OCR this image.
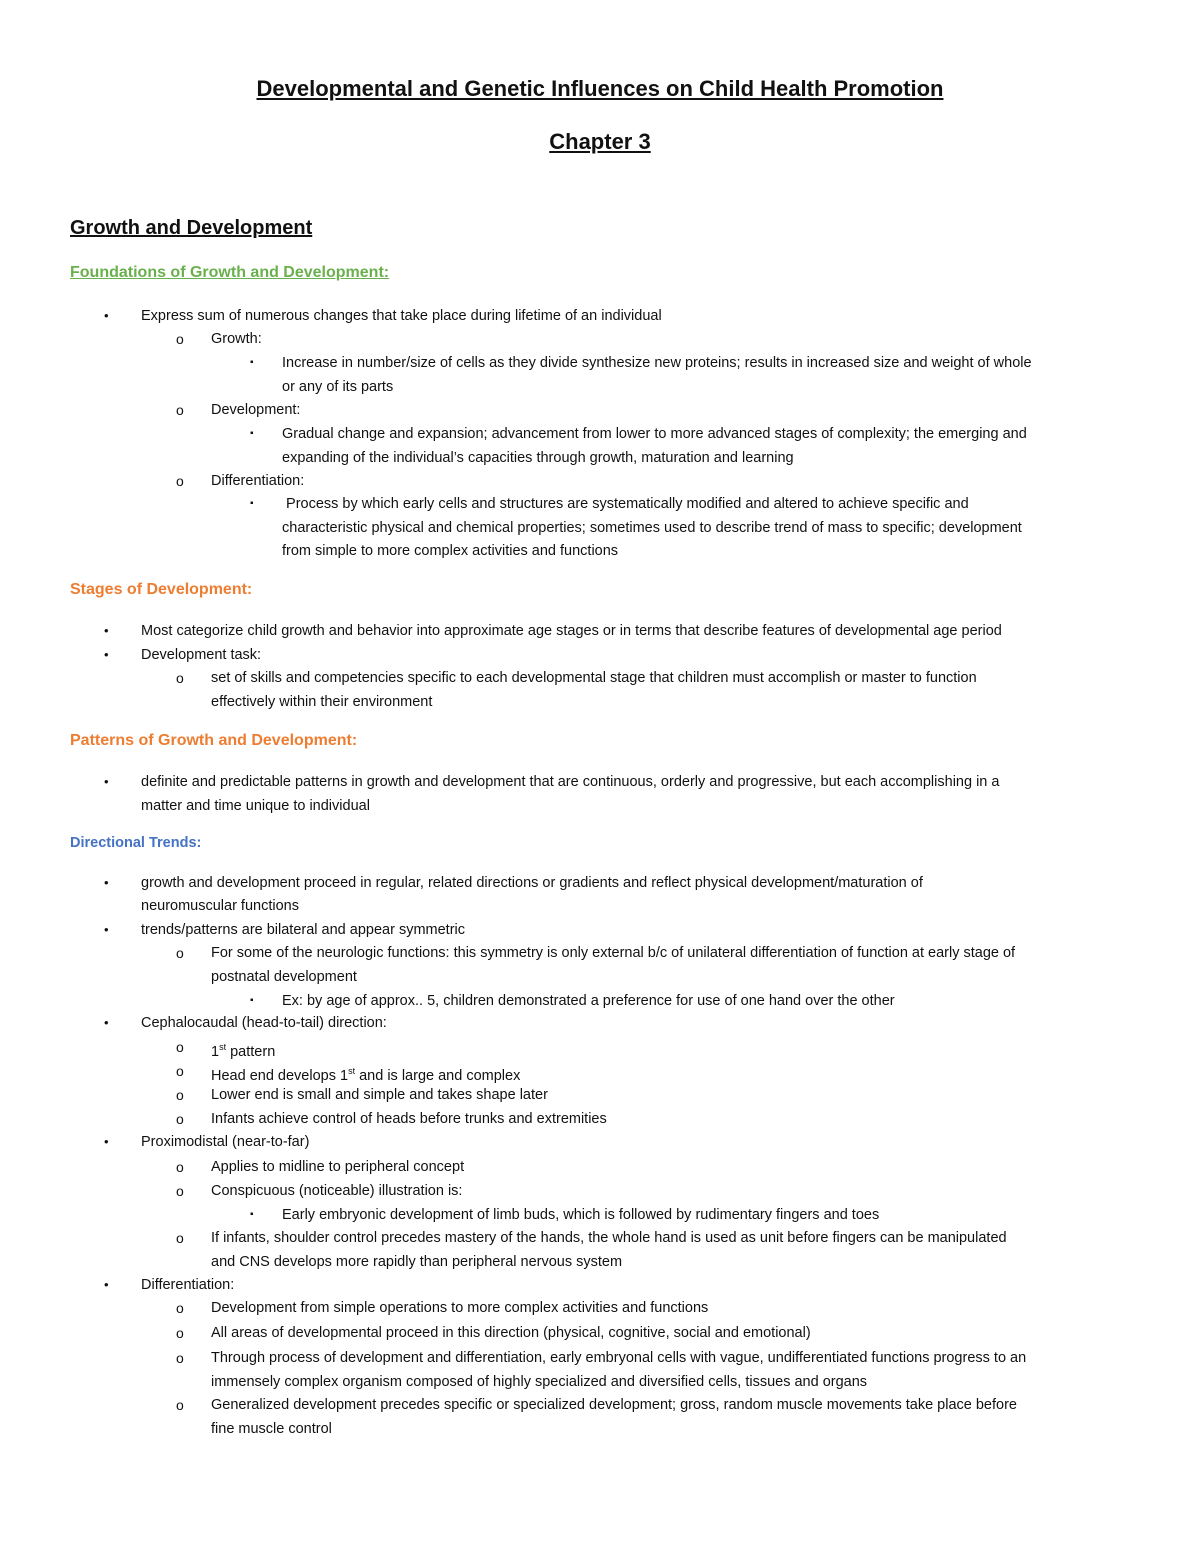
Developmental and Genetic Influences on Child Health Promotion
Chapter 3
Growth and Development
Foundations of Growth and Development:
• Express sum of numerous changes that take place during lifetime of an individual
o Growth:
▪ Increase in number/size of cells as they divide synthesize new proteins; results in increased size and weight of whole
or any of its parts
o Development:
▪ Gradual change and expansion; advancement from lower to more advanced stages of complexity; the emerging and
expanding of the individual’s capacities through growth, maturation and learning
o Differentiation:
▪ Process by which early cells and structures are systematically modified and altered to achieve specific and
characteristic physical and chemical properties; sometimes used to describe trend of mass to specific; development
from simple to more complex activities and functions
Stages of Development:
• Most categorize child growth and behavior into approximate age stages or in terms that describe features of developmental age period
• Development task:
o set of skills and competencies specific to each developmental stage that children must accomplish or master to function
effectively within their environment
Patterns of Growth and Development:
• definite and predictable patterns in growth and development that are continuous, orderly and progressive, but each accomplishing in a
matter and time unique to individual
Directional Trends:
• growth and development proceed in regular, related directions or gradients and reflect physical development/maturation of
neuromuscular functions
• trends/patterns are bilateral and appear symmetric
o For some of the neurologic functions: this symmetry is only external b/c of unilateral differentiation of function at early stage of
postnatal development
▪ Ex: by age of approx.. 5, children demonstrated a preference for use of one hand over the other
• Cephalocaudal (head-to-tail) direction:
o 1st pattern
o Head end develops 1st and is large and complex
o Lower end is small and simple and takes shape later
o Infants achieve control of heads before trunks and extremities
• Proximodistal (near-to-far)
o Applies to midline to peripheral concept
o Conspicuous (noticeable) illustration is:
▪ Early embryonic development of limb buds, which is followed by rudimentary fingers and toes
o If infants, shoulder control precedes mastery of the hands, the whole hand is used as unit before fingers can be manipulated
and CNS develops more rapidly than peripheral nervous system
• Differentiation:
o Development from simple operations to more complex activities and functions
o All areas of developmental proceed in this direction (physical, cognitive, social and emotional)
o Through process of development and differentiation, early embryonal cells with vague, undifferentiated functions progress to an
immensely complex organism composed of highly specialized and diversified cells, tissues and organs
o Generalized development precedes specific or specialized development; gross, random muscle movements take place before
fine muscle control
